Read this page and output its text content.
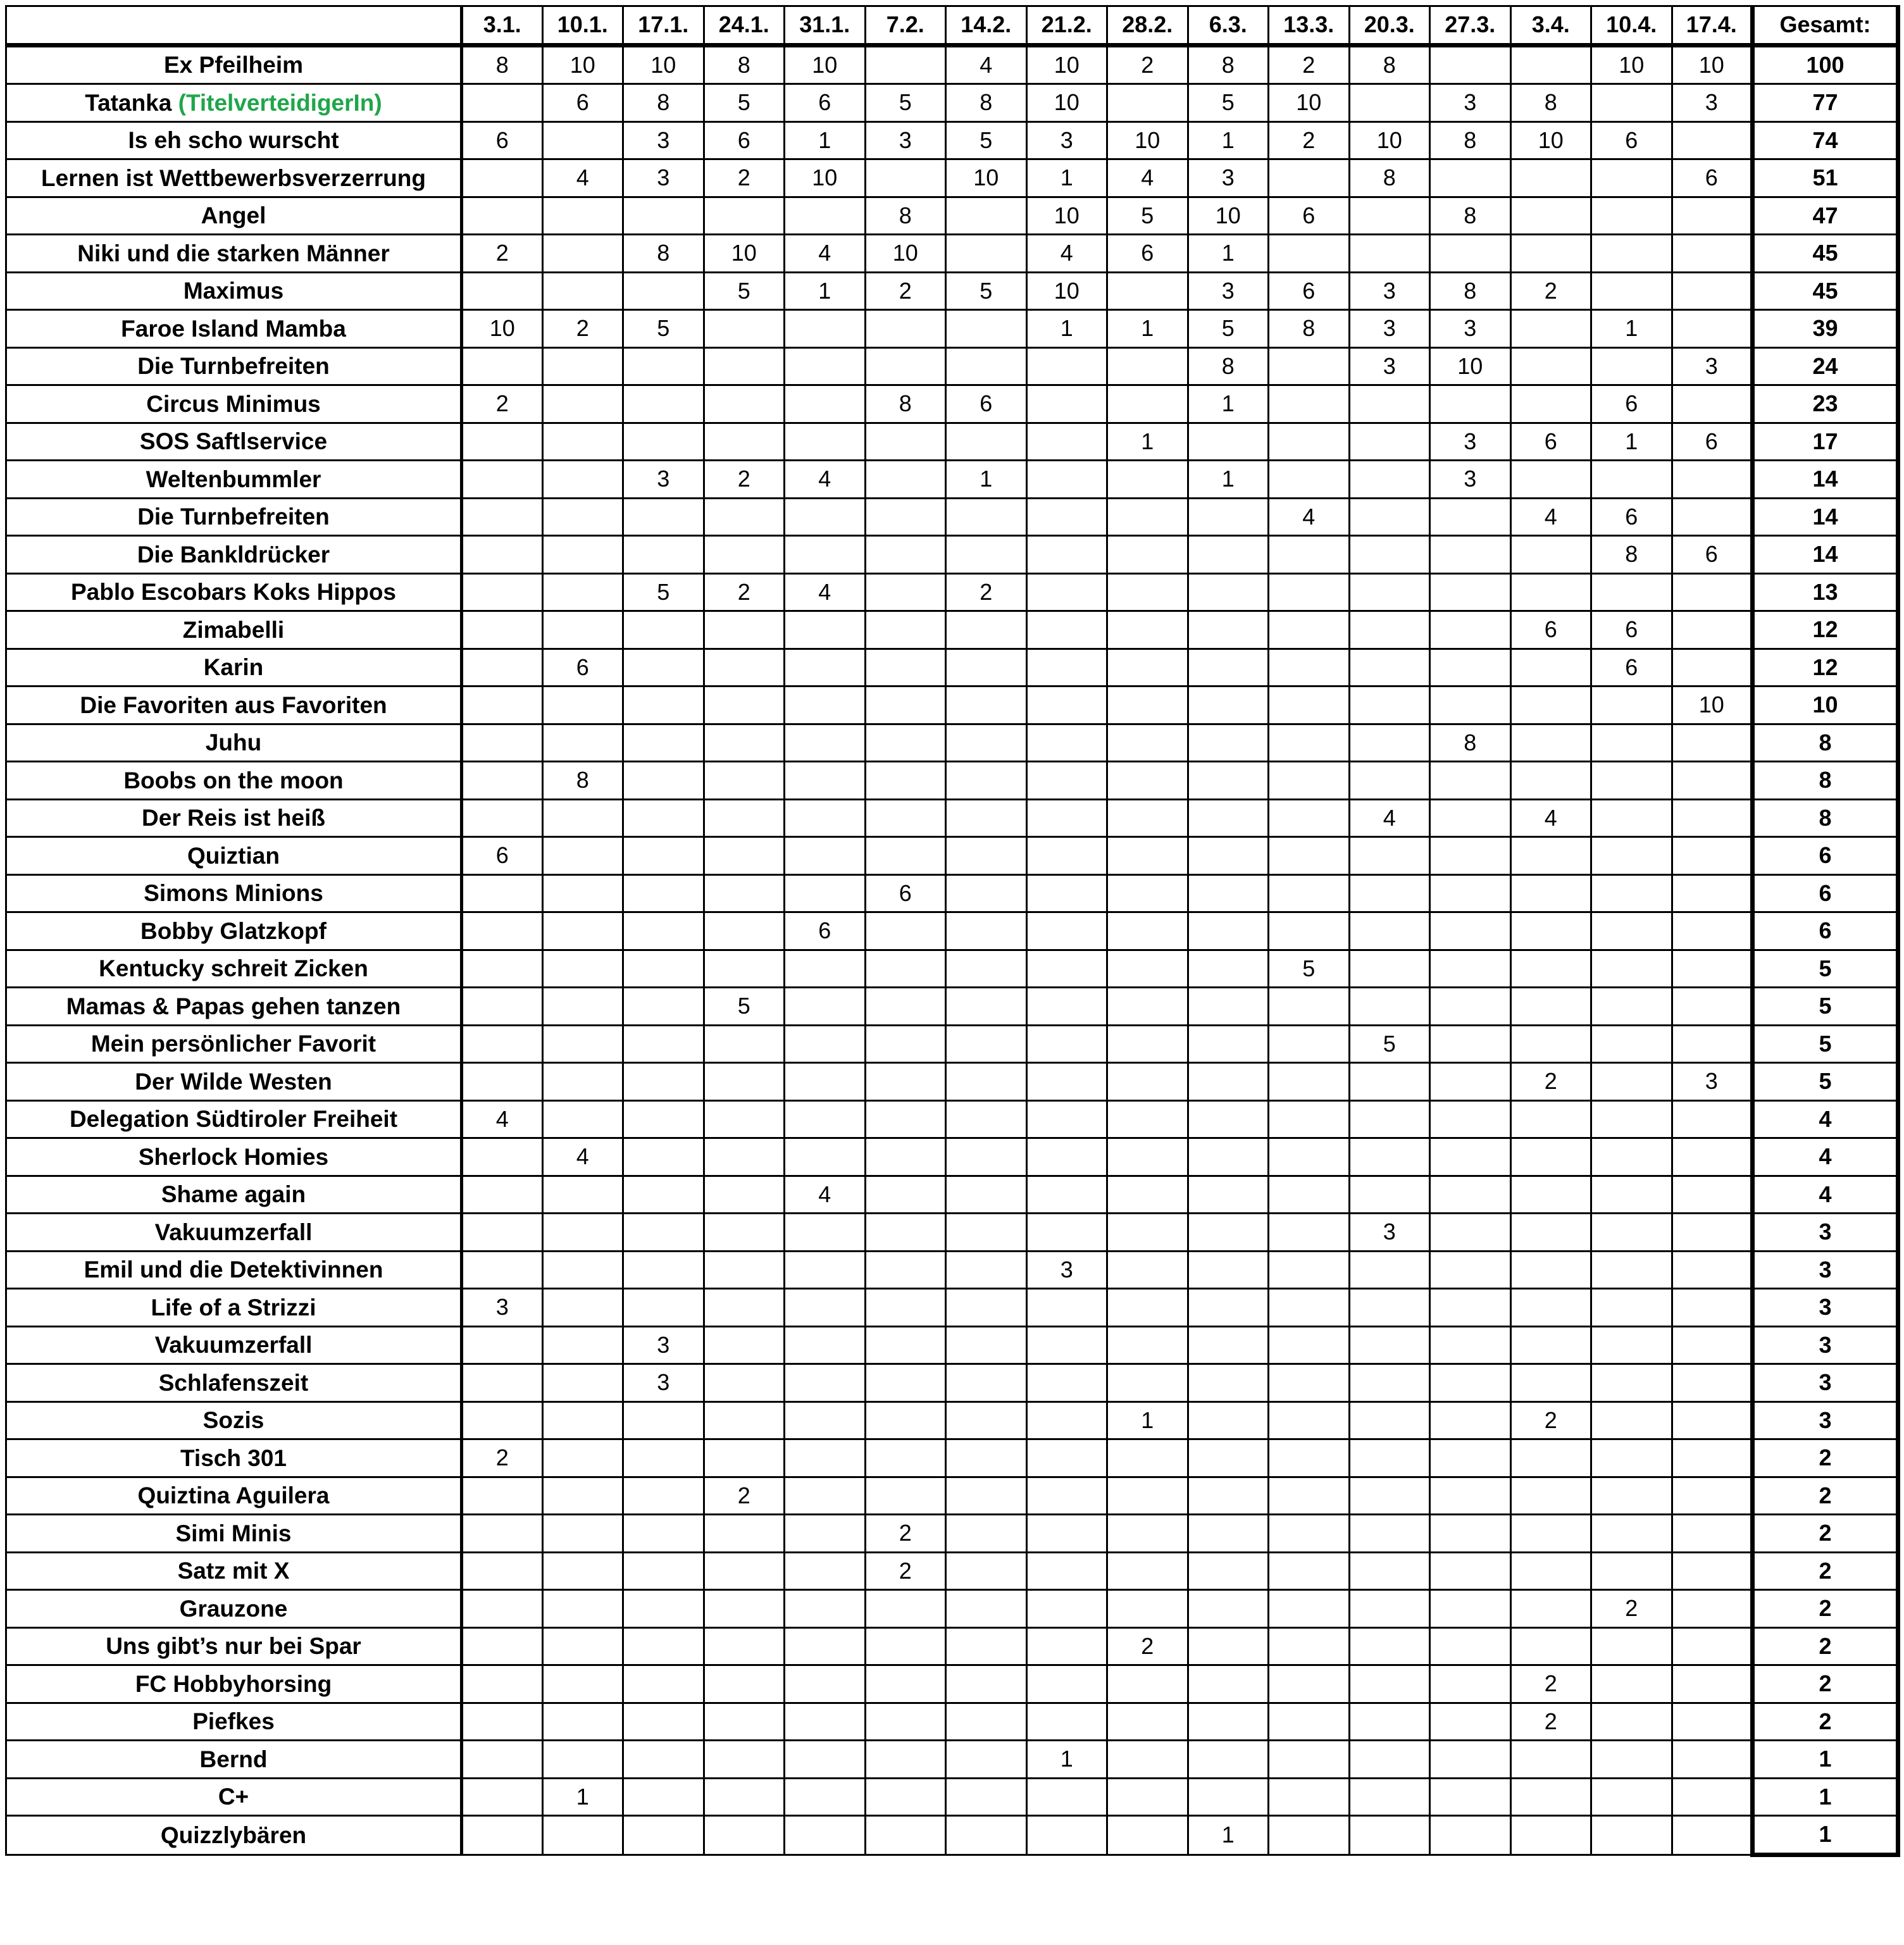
	3.1.	10.1.	17.1.	24.1.	31.1.	7.2.	14.2.	21.2.	28.2.	6.3.	13.3.	20.3.	27.3.	3.4.	10.4.	17.4.	Gesamt:
Ex Pfeilheim	8	10	10	8	10		4	10	2	8	2	8			10	10	100
Tatanka (TitelverteidigerIn)		6	8	5	6	5	8	10		5	10		3	8		3	77
Is eh scho wurscht	6		3	6	1	3	5	3	10	1	2	10	8	10	6		74
Lernen ist Wettbewerbsverzerrung		4	3	2	10		10	1	4	3		8				6	51
Angel						8		10	5	10	6		8				47
Niki und die starken Männer	2		8	10	4	10		4	6	1							45
Maximus				5	1	2	5	10		3	6	3	8	2			45
Faroe Island Mamba	10	2	5					1	1	5	8	3	3		1		39
Die Turnbefreiten										8		3	10			3	24
Circus Minimus	2					8	6			1					6		23
SOS Saftlservice									1				3	6	1	6	17
Weltenbummler			3	2	4		1			1			3				14
Die Turnbefreiten											4			4	6		14
Die Bankldrücker															8	6	14
Pablo Escobars Koks Hippos			5	2	4		2										13
Zimabelli														6	6		12
Karin		6													6		12
Die Favoriten aus Favoriten																10	10
Juhu													8				8
Boobs on the moon		8															8
Der Reis ist heiß												4		4			8
Quiztian	6																6
Simons Minions						6											6
Bobby Glatzkopf					6												6
Kentucky schreit Zicken											5						5
Mamas & Papas gehen tanzen				5													5
Mein persönlicher Favorit												5					5
Der Wilde Westen														2		3	5
Delegation Südtiroler Freiheit	4																4
Sherlock Homies		4															4
Shame again					4												4
Vakuumzerfall												3					3
Emil und die Detektivinnen								3									3
Life of a Strizzi	3																3
Vakuumzerfall			3														3
Schlafenszeit			3														3
Sozis									1					2			3
Tisch 301	2																2
Quiztina Aguilera				2													2
Simi Minis						2											2
Satz mit X						2											2
Grauzone															2		2
Uns gibt’s nur bei Spar									2								2
FC Hobbyhorsing														2			2
Piefkes														2			2
Bernd								1									1
C+		1															1
Quizzlybären										1							1
